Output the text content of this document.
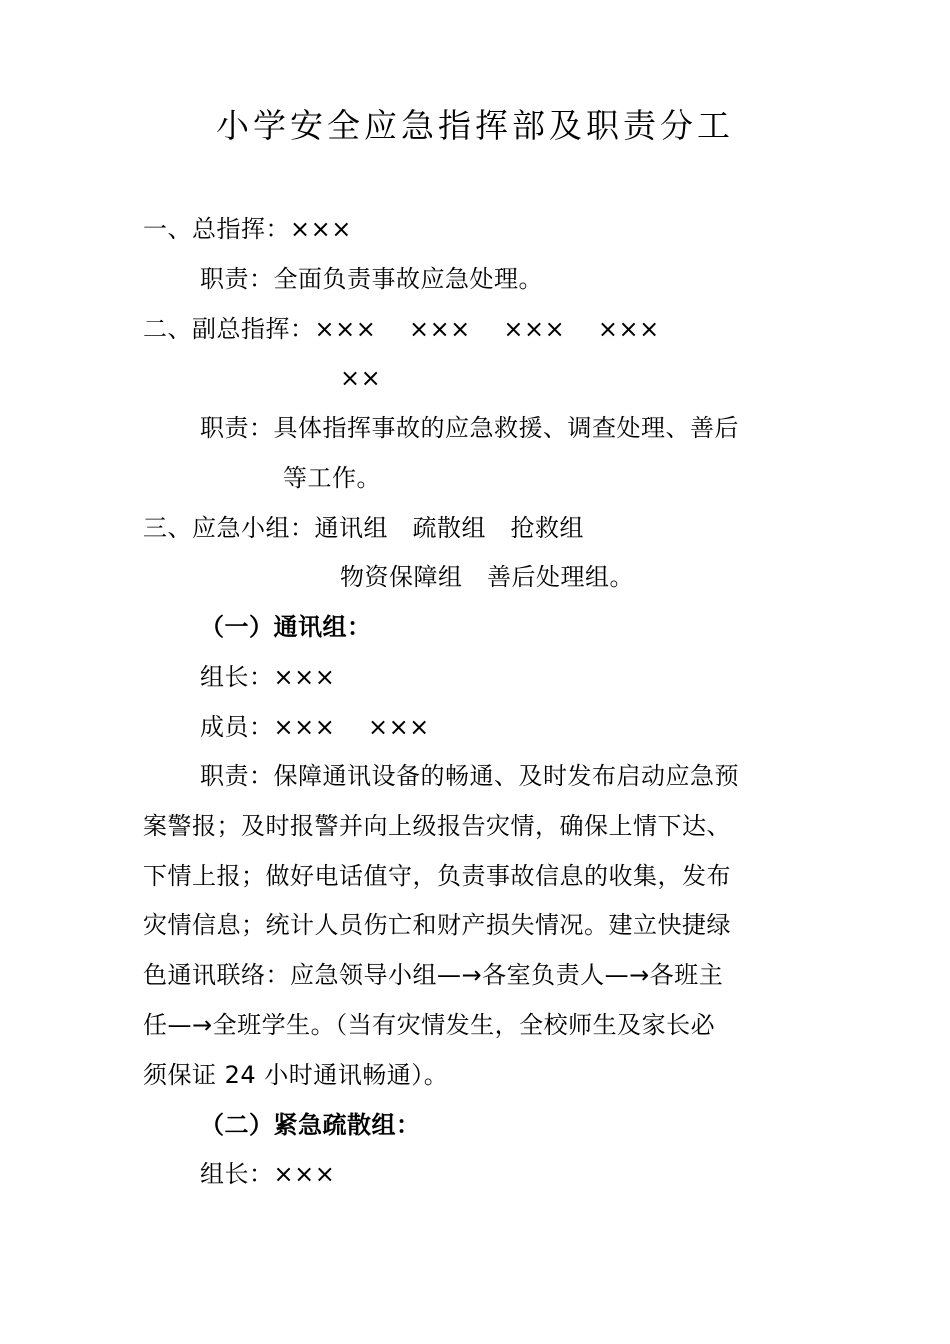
小学安全应急指挥部及职责分工
一、总指挥：×××
职责：全面负责事故应急处理。
二、副总指挥：×××　 ×××　 ×××　 ×××
××
职责：具体指挥事故的应急救援、调查处理、善后
等工作。
三、应急小组：通讯组　疏散组　抢救组
物资保障组　善后处理组。
（一）通讯组：
组长：×××
成员：×××　 ×××
职责：保障通讯设备的畅通、及时发布启动应急预
案警报；及时报警并向上级报告灾情，确保上情下达、
下情上报；做好电话值守，负责事故信息的收集，发布
灾情信息；统计人员伤亡和财产损失情况。建立快捷绿
色通讯联络：应急领导小组—→各室负责人—→各班主
任—→全班学生。（当有灾情发生，全校师生及家长必
须保证 24 小时通讯畅通）。
（二）紧急疏散组：
组长：×××
